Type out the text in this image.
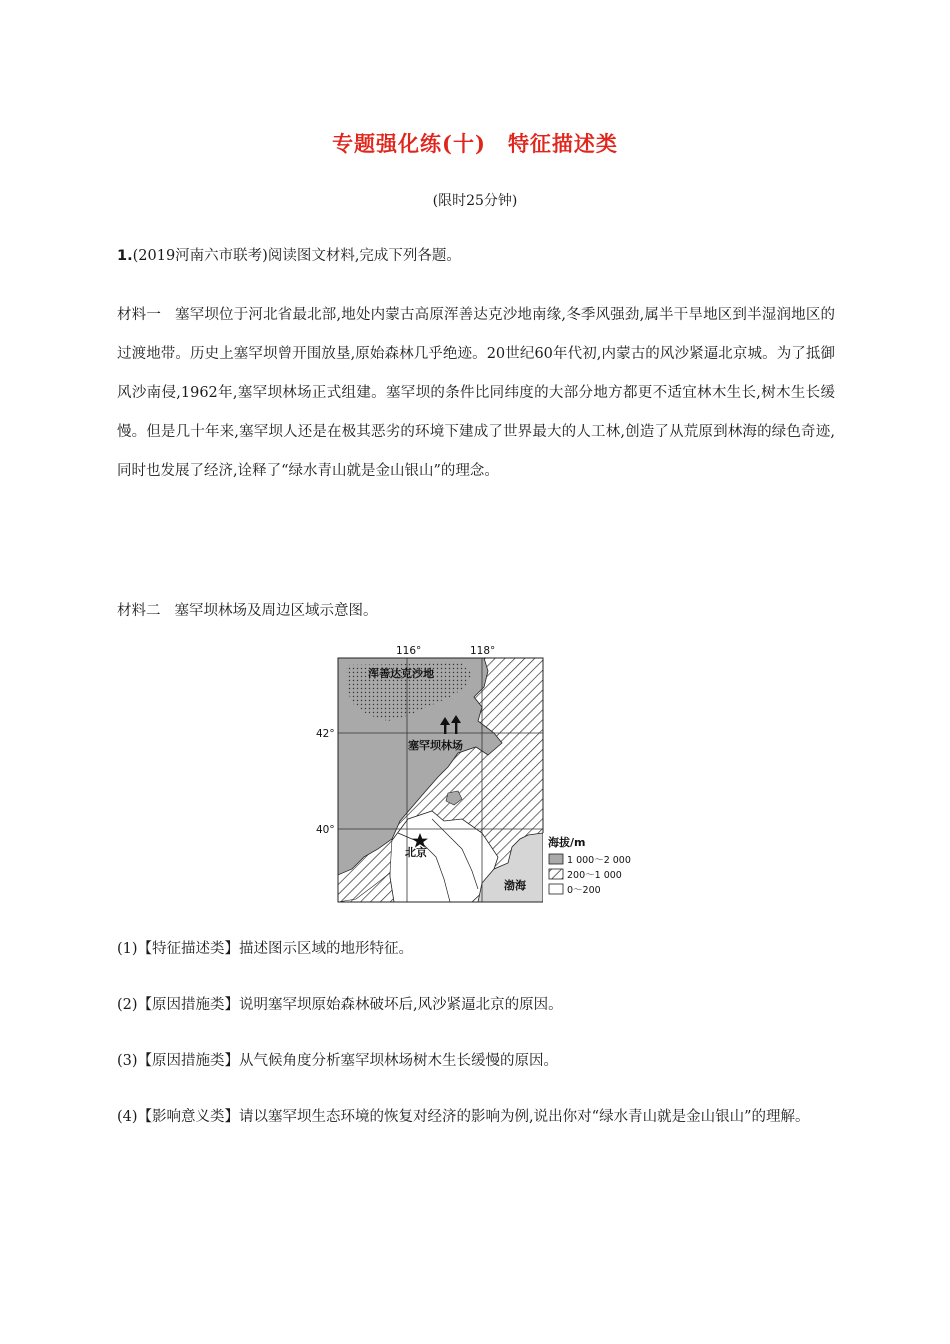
专题强化练(十) 特征描述类
(限时25分钟)
1.(2019河南六市联考)阅读图文材料,完成下列各题。
材料一 塞罕坝位于河北省最北部,地处内蒙古高原浑善达克沙地南缘,冬季风强劲,属半干旱地区到半湿润地区的过渡地带。历史上塞罕坝曾开围放垦,原始森林几乎绝迹。20世纪60年代初,内蒙古的风沙紧逼北京城。为了抵御风沙南侵,1962年,塞罕坝林场正式组建。塞罕坝的条件比同纬度的大部分地方都更不适宜林木生长,树木生长缓慢。但是几十年来,塞罕坝人还是在极其恶劣的环境下建成了世界最大的人工林,创造了从荒原到林海的绿色奇迹,同时也发展了经济,诠释了“绿水青山就是金山银山”的理念。
材料二 塞罕坝林场及周边区域示意图。
116°	118°
42°
40°
浑善达克沙地
塞罕坝林场
北京
渤海
海拔/m
1 000～2 000
200～1 000
0～200
(1)【特征描述类】描述图示区域的地形特征。
(2)【原因措施类】说明塞罕坝原始森林破坏后,风沙紧逼北京的原因。
(3)【原因措施类】从气候角度分析塞罕坝林场树木生长缓慢的原因。
(4)【影响意义类】请以塞罕坝生态环境的恢复对经济的影响为例,说出你对“绿水青山就是金山银山”的理解。
